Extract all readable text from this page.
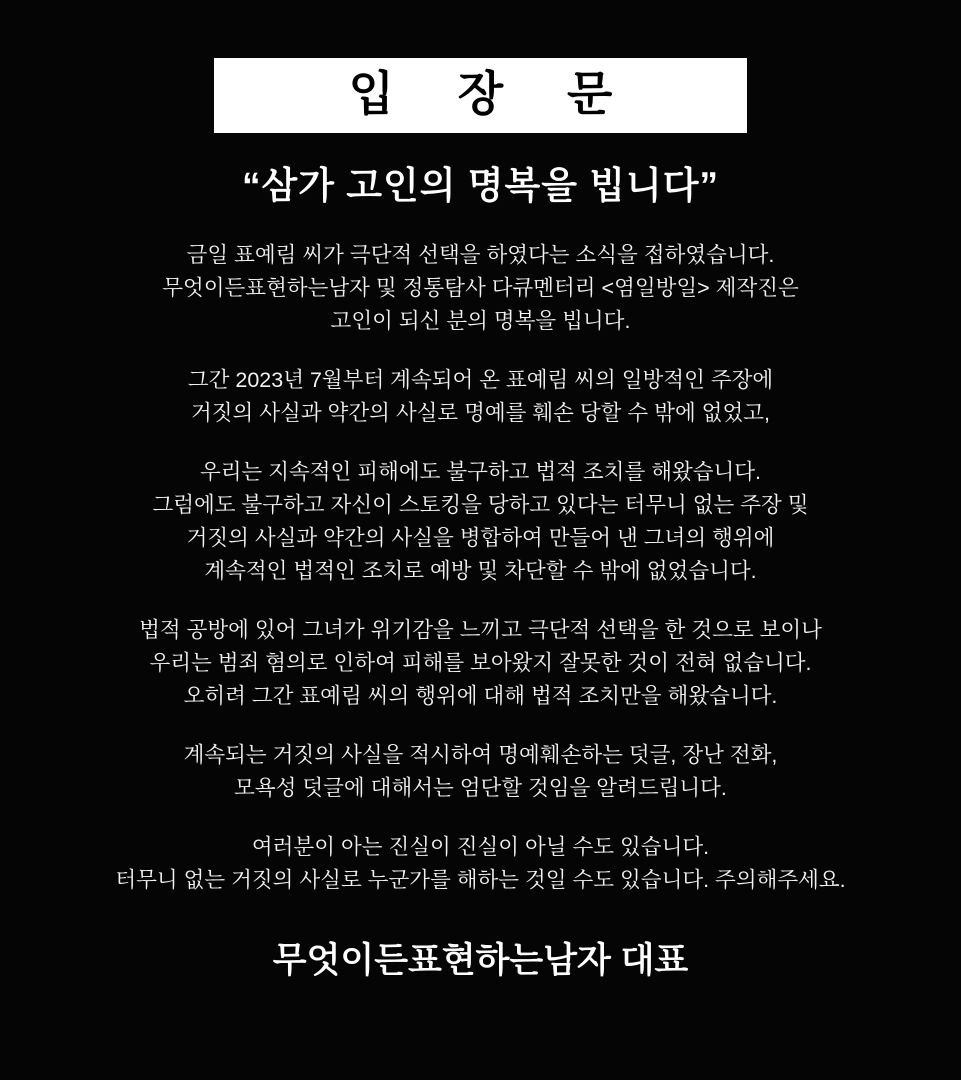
입 장 문
“삼가 고인의 명복을 빕니다”

금일 표예림 씨가 극단적 선택을 하였다는 소식을 접하였습니다.
무엇이든표현하는남자 및 정통탐사 다큐멘터리 <염일방일> 제작진은
고인이 되신 분의 명복을 빕니다.

그간 2023년 7월부터 계속되어 온 표예림 씨의 일방적인 주장에
거짓의 사실과 약간의 사실로 명예를 훼손 당할 수 밖에 없었고,

우리는 지속적인 피해에도 불구하고 법적 조치를 해왔습니다.
그럼에도 불구하고 자신이 스토킹을 당하고 있다는 터무니 없는 주장 및
거짓의 사실과 약간의 사실을 병합하여 만들어 낸 그녀의 행위에
계속적인 법적인 조치로 예방 및 차단할 수 밖에 없었습니다.

법적 공방에 있어 그녀가 위기감을 느끼고 극단적 선택을 한 것으로 보이나
우리는 범죄 혐의로 인하여 피해를 보아왔지 잘못한 것이 전혀 없습니다.
오히려 그간 표예림 씨의 행위에 대해 법적 조치만을 해왔습니다.

계속되는 거짓의 사실을 적시하여 명예훼손하는 덧글, 장난 전화,
모욕성 덧글에 대해서는 엄단할 것임을 알려드립니다.

여러분이 아는 진실이 진실이 아닐 수도 있습니다.
터무니 없는 거짓의 사실로 누군가를 해하는 것일 수도 있습니다. 주의해주세요.

무엇이든표현하는남자 대표
